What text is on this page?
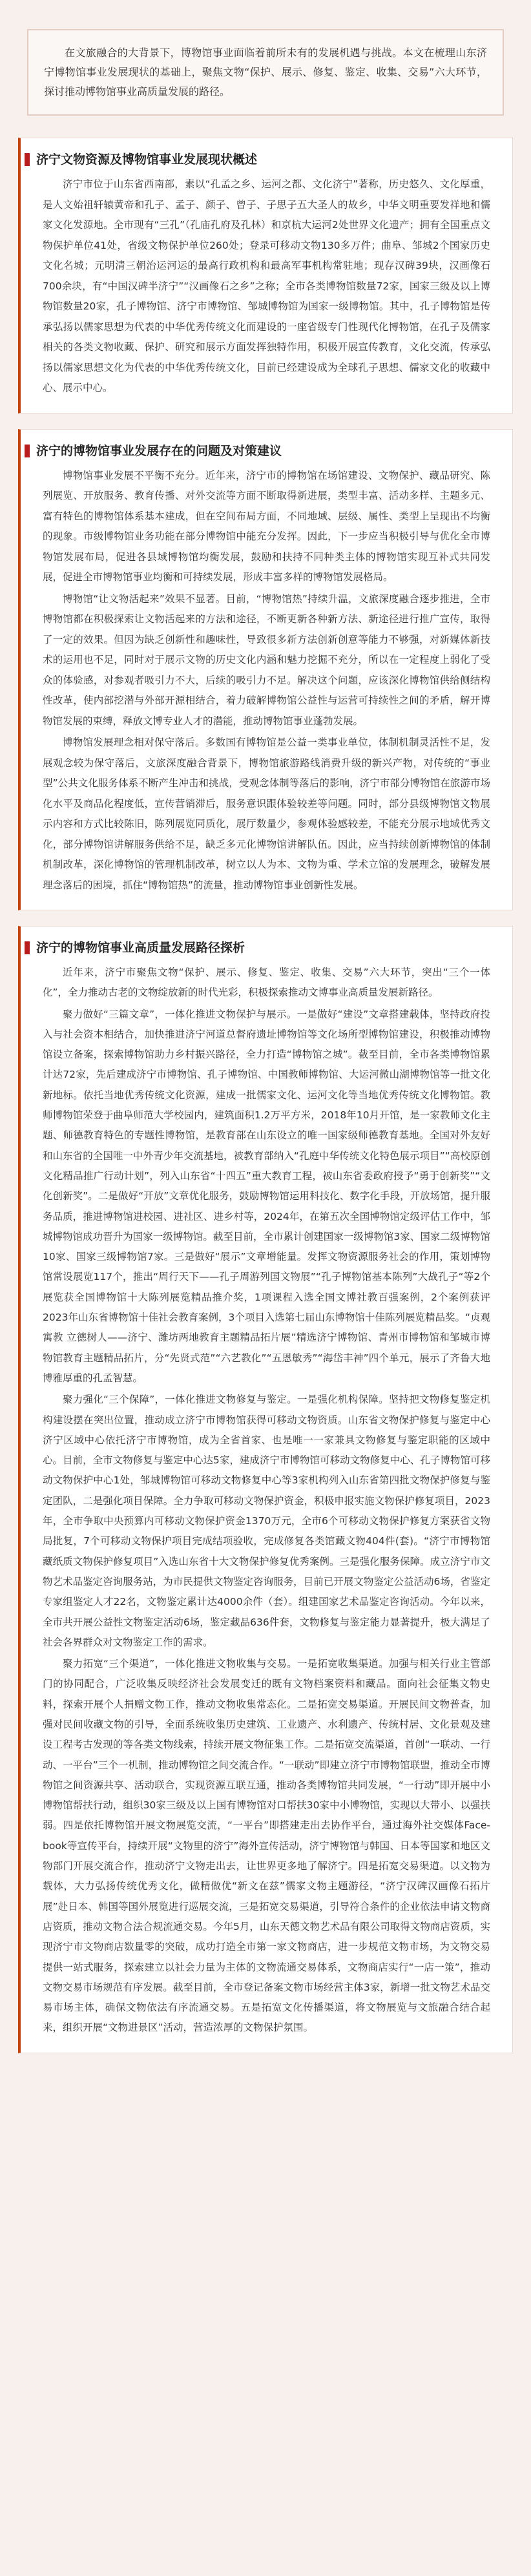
在文旅融合的大背景下，博物馆事业面临着前所未有的发展机遇与挑战。本文在梳理山东济宁博物馆事业发展现状的基础上，聚焦文物“保护、展示、修复、鉴定、收集、交易”六大环节，探讨推动博物馆事业高质量发展的路径。
济宁文物资源及博物馆事业发展现状概述

济宁市位于山东省西南部，素以“孔孟之乡、运河之都、文化济宁”著称，历史悠久、文化厚重，是人文始祖轩辕黄帝和孔子、孟子、颜子、曾子、子思子五大圣人的故乡，中华文明重要发祥地和儒家文化发源地。全市现有“三孔”（孔庙孔府及孔林）和京杭大运河2处世界文化遗产；拥有全国重点文物保护单位41处，省级文物保护单位260处；登录可移动文物130多万件；曲阜、邹城2个国家历史文化名城；元明清三朝治运河运的最高行政机构和最高军事机构常驻地；现存汉碑39块，汉画像石700余块，有“中国汉碑半济宁”“汉画像石之乡”之称；全市各类博物馆数量72家，国家三级及以上博物馆数量20家，孔子博物馆、济宁市博物馆、邹城博物馆为国家一级博物馆。其中，孔子博物馆是传承弘扬以儒家思想为代表的中华优秀传统文化而建设的一座省级专门性现代化博物馆，在孔子及儒家相关的各类文物收藏、保护、研究和展示方面发挥独特作用，积极开展宣传教育，文化交流，传承弘扬以儒家思想文化为代表的中华优秀传统文化，目前已经建设成为全球孔子思想、儒家文化的收藏中心、展示中心。

济宁的博物馆事业发展存在的问题及对策建议

博物馆事业发展不平衡不充分。近年来，济宁市的博物馆在场馆建设、文物保护、藏品研究、陈列展览、开放服务、教育传播、对外交流等方面不断取得新进展，类型丰富、活动多样、主题多元、富有特色的博物馆体系基本建成，但在空间布局方面，不同地域、层级、属性、类型上呈现出不均衡的现象。市级博物馆业务功能在部分博物馆中能充分发挥。因此，下一步应当积极引导与优化全市博物馆发展布局，促进各县域博物馆均衡发展，鼓励和扶持不同种类主体的博物馆实现互补式共同发展，促进全市博物馆事业均衡和可持续发展，形成丰富多样的博物馆发展格局。

博物馆“让文物活起来”效果不显著。目前，“博物馆热”持续升温，文旅深度融合逐步推进，全市博物馆都在积极探索让文物活起来的方法和途径，不断更新各种新方法、新途径进行推广宣传，取得了一定的效果。但因为缺乏创新性和趣味性，导致很多新方法创新创意等能力不够强，对新媒体新技术的运用也不足，同时对于展示文物的历史文化内涵和魅力挖掘不充分，所以在一定程度上弱化了受众的体验感，对参观者吸引力不大，后续的吸引力不足。解决这个问题，应该深化博物馆供给侧结构性改革，使内部挖潜与外部开源相结合，着力破解博物馆公益性与运营可持续性之间的矛盾，解开博物馆发展的束缚，释放文博专业人才的潜能，推动博物馆事业蓬勃发展。

博物馆发展理念相对保守落后。多数国有博物馆是公益一类事业单位，体制机制灵活性不足，发展观念较为保守落后，文旅深度融合背景下，博物馆旅游路线消费升级的新兴产物，对传统的“事业型”公共文化服务体系不断产生冲击和挑战，受观念体制等落后的影响，济宁市部分博物馆在旅游市场化水平及商品化程度低，宣传营销滞后，服务意识跟体验较差等问题。同时，部分县级博物馆文物展示内容和方式比较陈旧，陈列展览同质化，展厅数量少，参观体验感较差，不能充分展示地域优秀文化，部分博物馆讲解服务供给不足，缺乏多元化博物馆讲解队伍。因此，应当持续创新博物馆的体制机制改革，深化博物馆的管理机制改革，树立以人为本、文物为重、学术立馆的发展理念，破解发展理念落后的困境，抓住“博物馆热”的流量，推动博物馆事业创新性发展。

济宁的博物馆事业高质量发展路径探析

近年来，济宁市聚焦文物“保护、展示、修复、鉴定、收集、交易”六大环节，突出“三个一体化”，全力推动古老的文物绽放新的时代光彩，积极探索推动文博事业高质量发展新路径。

聚力做好“三篇文章”，一体化推进文物保护与展示。一是做好“建设”文章搭建载体，坚持政府投入与社会资本相结合，加快推进济宁河道总督府遗址博物馆等文化场所型博物馆建设，积极推动博物馆设立备案，探索博物馆助力乡村振兴路径，全力打造“博物馆之城”。截至目前，全市各类博物馆累计达72家，先后建成济宁市博物馆、孔子博物馆、中国教师博物馆、大运河微山湖博物馆等一批文化新地标。依托当地优秀传统文化资源，建成一批儒家文化、运河文化等当地优秀传统文化博物馆。教师博物馆荣登于曲阜师范大学校园内，建筑面积1.2万平方米，2018年10月开馆，是一家教师文化主题、师德教育特色的专题性博物馆，是教育部在山东设立的唯一国家级师德教育基地。全国对外友好和山东省的全国唯一中外青少年交流基地，被教育部纳入“孔庭中华传统文化特色展示项目”“高校原创文化精品推广行动计划”，列入山东省“十四五”重大教育工程，被山东省委政府授予“勇于创新奖”“文化创新奖”。二是做好“开放”文章优化服务，鼓励博物馆运用科技化、数字化手段，开放场馆，提升服务品质，推进博物馆进校园、进社区、进乡村等，2024年，在第五次全国博物馆定级评估工作中，邹城博物馆成功晋升为国家一级博物馆。截至目前，全市累计创建国家一级博物馆3家、国家二级博物馆10家、国家三级博物馆7家。三是做好“展示”文章增能量。发挥文物资源服务社会的作用，策划博物馆常设展览117个，推出“周行天下——孔子周游列国文物展”“孔子博物馆基本陈列”大战孔子“等2个展览获全国博物馆十大陈列展览精品推介奖，1项课程入选全国文博社教百强案例，2个案例获评2023年山东省博物馆十佳社会教育案例，3个项目入选第七届山东博物馆十佳陈列展览精品奖。“贞观寓教 立德树人——济宁、潍坊两地教育主题精品拓片展”精选济宁博物馆、青州市博物馆和邹城市博物馆教育主题精品拓片，分“先贤式范”“六艺教化”“五恩敏秀”“海岱丰神”四个单元，展示了齐鲁大地博雅厚重的孔孟智慧。

聚力强化“三个保障”，一体化推进文物修复与鉴定。一是强化机构保障。坚持把文物修复鉴定机构建设摆在突出位置，推动成立济宁市博物馆获得可移动文物资质。山东省文物保护修复与鉴定中心济宁区域中心依托济宁市博物馆，成为全省首家、也是唯一一家兼具文物修复与鉴定职能的区域中心。目前，全市文物修复与鉴定中心达5家，建成济宁市博物馆可移动文物修复中心、孔子博物馆可移动文物保护中心1处，邹城博物馆可移动文物修复中心等3家机构列入山东省第四批文物保护修复与鉴定团队，二是强化项目保障。全力争取可移动文物保护资金，积极申报实施文物保护修复项目，2023年，全市争取中央预算内可移动文物保护资金1370万元，全市6个可移动文物保护修复方案获省文物局批复，7个可移动文物保护项目完成结项验收，完成修复各类馆藏文物404件(套)。“济宁市博物馆藏纸质文物保护修复项目”入选山东省十大文物保护修复优秀案例。三是强化服务保障。成立济宁市文物艺术品鉴定咨询服务站，为市民提供文物鉴定咨询服务，目前已开展文物鉴定公益活动6场，省鉴定专家组鉴定人才22名，文物鉴定累计达4000余件（套）。组建国家艺术品鉴定咨询活动。今年以来，全市共开展公益性文物鉴定活动6场，鉴定藏品636件套，文物修复与鉴定能力显著提升，极大满足了社会各界群众对文物鉴定工作的需求。

聚力拓宽“三个渠道”，一体化推进文物收集与交易。一是拓宽收集渠道。加强与相关行业主管部门的协同配合，广泛收集反映经济社会发展变迁的既有文物档案资料和藏品。面向社会征集文物史料，探索开展个人捐赠文物工作，推动文物收集常态化。二是拓宽交易渠道。开展民间文物普查，加强对民间收藏文物的引导，全面系统收集历史建筑、工业遗产、水利遗产、传统村居、文化景观及建设工程考古发现的等各类文物线索，持续开展文物征集工作。二是拓宽交流渠道，首创“一联动、一行动、一平台”三个一机制，推动博物馆之间交流合作。“一联动”即建立济宁市博物馆联盟，推动全市博物馆之间资源共享、活动联合，实现资源互联互通，推动各类博物馆共同发展，“一行动”即开展中小博物馆帮扶行动，组织30家三级及以上国有博物馆对口帮扶30家中小博物馆，实现以大带小、以强扶弱。四是依托博物馆开展文物展览交流，“一平台”即搭建走出去协作平台，通过海外社交媒体Face-book等宣传平台，持续开展“文物里的济宁”海外宣传活动，济宁博物馆与韩国、日本等国家和地区文物部门开展交流合作，推动济宁文物走出去，让世界更多地了解济宁。四是拓宽交易渠道。以文物为载体，大力弘扬传统优秀文化，做精做优“新文在兹”儒家文物主题游径，“济宁汉碑汉画像石拓片展”赴日本、韩国等国外展览进行巡展交流，三是拓宽交易渠道，引导符合条件的企业依法申请文物商店资质，推动文物合法合规流通交易。今年5月，山东天德文物艺术品有限公司取得文物商店资质，实现济宁市文物商店数量零的突破，成功打造全市第一家文物商店，进一步规范文物市场，为文物交易提供一站式服务，探索建立以社会力量为主体的文物流通交易体系，文物商店实行“一店一策”，推动文物交易市场规范有序发展。截至目前，全市登记备案文物市场经营主体3家，新增一批文物艺术品交易市场主体，确保文物依法有序流通交易。五是拓宽文化传播渠道，将文物展览与文旅融合结合起来，组织开展“文物进景区”活动，营造浓厚的文物保护氛围。
